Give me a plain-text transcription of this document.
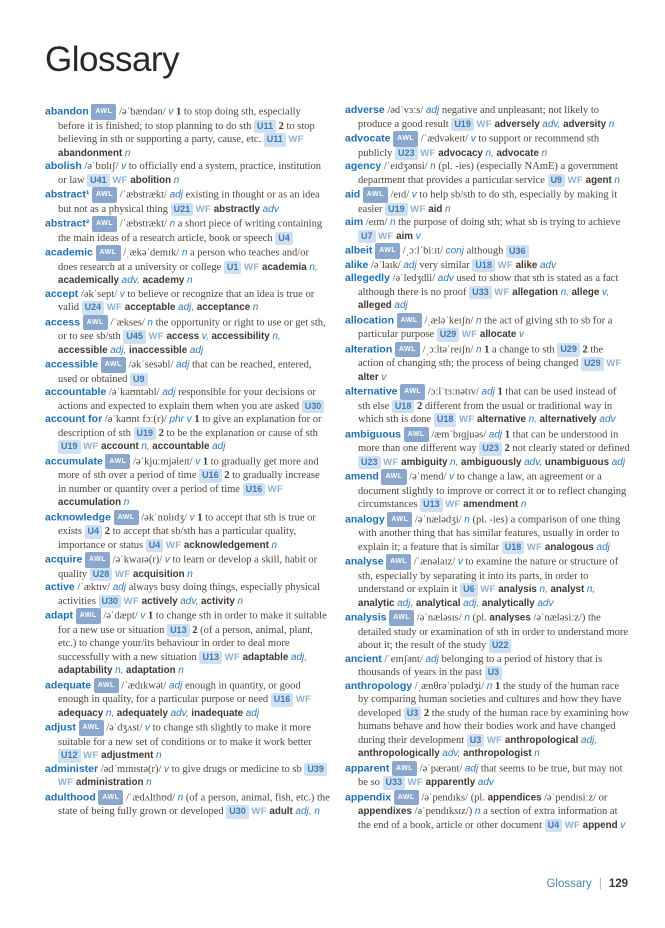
Glossary

abandon AWL /əˈbændən/ v 1 to stop doing sth, especially before it is finished; to stop planning to do sth U11 2 to stop believing in sth or supporting a party, cause, etc. U11 WF abandonment n

abolish /əˈbɒlɪʃ/ v to officially end a system, practice, institution or law U41 WF abolition n

abstract¹ AWL /ˈæbstrækt/ adj existing in thought or as an idea but not as a physical thing U21 WF abstractly adv

abstract² AWL /ˈæbstrækt/ n a short piece of writing containing the main ideas of a research article, book or speech U4

academic AWL /ˌækəˈdemɪk/ n a person who teaches and/or does research at a university or college U1 WF academia n, academically adv, academy n

accept /əkˈsept/ v to believe or recognize that an idea is true or valid U24 WF acceptable adj, acceptance n

access AWL /ˈækses/ n the opportunity or right to use or get sth, or to see sb/sth U45 WF access v, accessibility n, accessible adj, inaccessible adj

accessible AWL /əkˈsesəbl/ adj that can be reached, entered, used or obtained U9

accountable /əˈkaʊntəbl/ adj responsible for your decisions or actions and expected to explain them when you are asked U30

account for /əˈkaʊnt fɔː(r)/ phr v 1 to give an explanation for or description of sth U19 2 to be the explanation or cause of sth U19 WF account n, accountable adj

accumulate AWL /əˈkjuːmjəleɪt/ v 1 to gradually get more and more of sth over a period of time U16 2 to gradually increase in number or quantity over a period of time U16 WF accumulation n

acknowledge AWL /əkˈnɒlɪdʒ/ v 1 to accept that sth is true or exists U4 2 to accept that sb/sth has a particular quality, importance or status U4 WF acknowledgement n

acquire AWL /əˈkwaɪə(r)/ v to learn or develop a skill, habit or quality U28 WF acquisition n

active /ˈæktɪv/ adj always busy doing things, especially physical activities U30 WF actively adv, activity n

adapt AWL /əˈdæpt/ v 1 to change sth in order to make it suitable for a new use or situation U13 2 (of a person, animal, plant, etc.) to change your/its behaviour in order to deal more successfully with a new situation U13 WF adaptable adj, adaptability n, adaptation n

adequate AWL /ˈædɪkwət/ adj enough in quantity, or good enough in quality, for a particular purpose or need U16 WF adequacy n, adequately adv, inadequate adj

adjust AWL /əˈdʒʌst/ v to change sth slightly to make it more suitable for a new set of conditions or to make it work better U12 WF adjustment n

administer /ədˈmɪnɪstə(r)/ v to give drugs or medicine to sb U39 WF administration n

adulthood AWL /ˈædʌlthʊd/ n (of a person, animal, fish, etc.) the state of being fully grown or developed U30 WF adult adj, n

adverse /ədˈvɜːs/ adj negative and unpleasant; not likely to produce a good result U19 WF adversely adv, adversity n

advocate AWL /ˈædvəkeɪt/ v to support or recommend sth publicly U23 WF advocacy n, advocate n

agency /ˈeɪdʒənsi/ n (pl. -ies) (especially NAmE) a government department that provides a particular service U9 WF agent n

aid AWL /eɪd/ v to help sb/sth to do sth, especially by making it easier U19 WF aid n

aim /eɪm/ n the purpose of doing sth; what sb is trying to achieve U7 WF aim v

albeit AWL /ˌɔːlˈbiːɪt/ conj although U36

alike /əˈlaɪk/ adj very similar U18 WF alike adv

allegedly /əˈledʒdli/ adv used to show that sth is stated as a fact although there is no proof U33 WF allegation n, allege v, alleged adj

allocation AWL /ˌæləˈkeɪʃn/ n the act of giving sth to sb for a particular purpose U29 WF allocate v

alteration AWL /ˌɔːltəˈreɪʃn/ n 1 a change to sth U29 2 the action of changing sth; the process of being changed U29 WF alter v

alternative AWL /ɔːlˈtɜːnətɪv/ adj 1 that can be used instead of sth else U18 2 different from the usual or traditional way in which sth is done U18 WF alternative n, alternatively adv

ambiguous AWL /æmˈbɪɡjuəs/ adj 1 that can be understood in more than one different way U23 2 not clearly stated or defined U23 WF ambiguity n, ambiguously adv, unambiguous adj

amend AWL /əˈmend/ v to change a law, an agreement or a document slightly to improve or correct it or to reflect changing circumstances U13 WF amendment n

analogy AWL /əˈnælədʒi/ n (pl. -ies) a comparison of one thing with another thing that has similar features, usually in order to explain it; a feature that is similar U18 WF analogous adj

analyse AWL /ˈænəlaɪz/ v to examine the nature or structure of sth, especially by separating it into its parts, in order to understand or explain it U6 WF analysis n, analyst n, analytic adj, analytical adj, analytically adv

analysis AWL /əˈnæləsɪs/ n (pl. analyses /əˈnæləsiːz/) the detailed study or examination of sth in order to understand more about it; the result of the study U22

ancient /ˈeɪnʃənt/ adj belonging to a period of history that is thousands of years in the past U3

anthropology /ˌænθrəˈpɒlədʒi/ n 1 the study of the human race by comparing human societies and cultures and how they have developed U3 2 the study of the human race by examining how humans behave and how their bodies work and have changed during their development U3 WF anthropological adj, anthropologically adv, anthropologist n

apparent AWL /əˈpærənt/ adj that seems to be true, but may not be so U33 WF apparently adv

appendix AWL /əˈpendɪks/ (pl. appendices /əˈpendɪsiːz/ or appendixes /əˈpendɪksɪz/) n a section of extra information at the end of a book, article or other document U4 WF append v

Glossary | 129
